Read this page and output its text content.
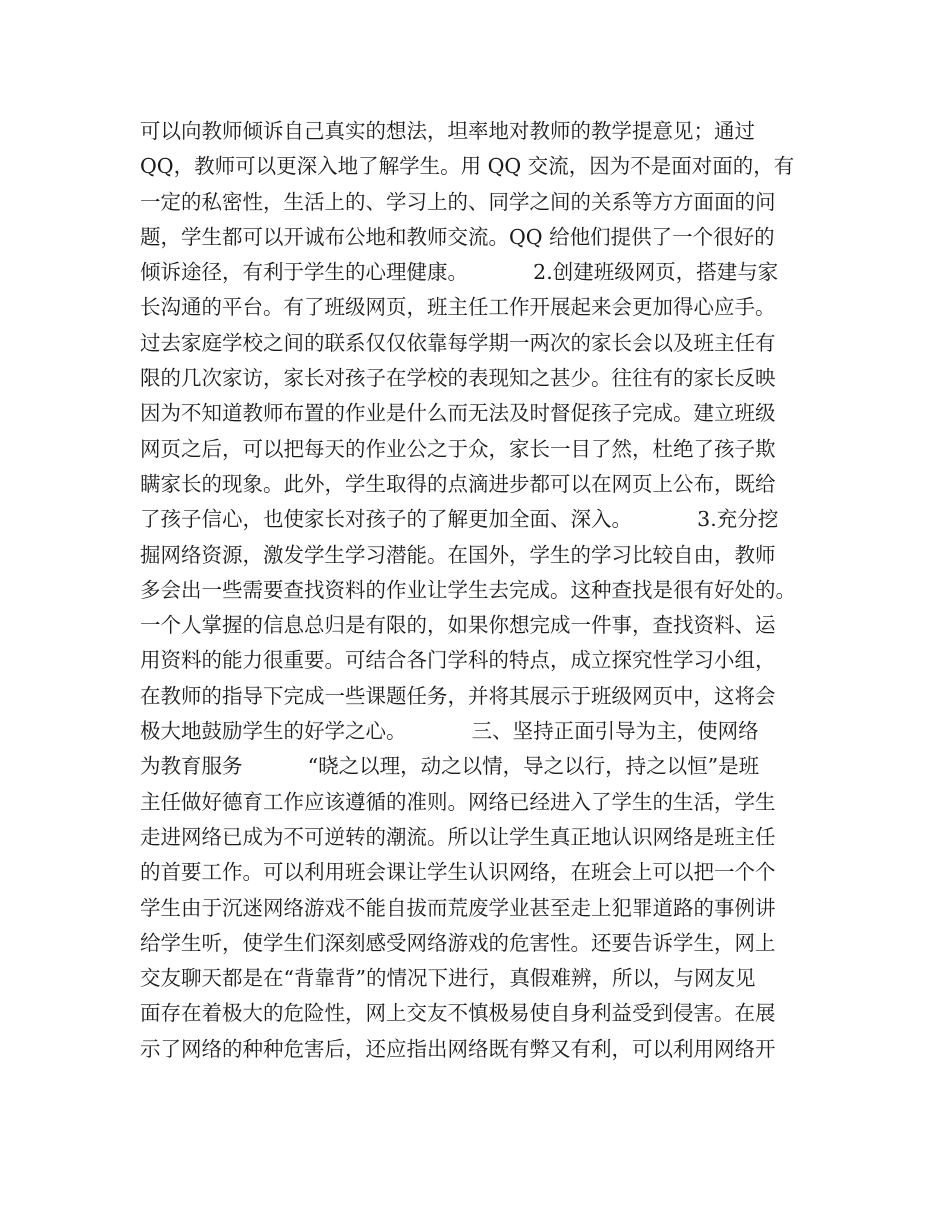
可以向教师倾诉自己真实的想法，坦率地对教师的教学提意见；通过
QQ，教师可以更深入地了解学生。用 QQ 交流，因为不是面对面的，有
一定的私密性，生活上的、学习上的、同学之间的关系等方方面面的问
题，学生都可以开诚布公地和教师交流。QQ 给他们提供了一个很好的
倾诉途径，有利于学生的心理健康。          2.创建班级网页，搭建与家
长沟通的平台。有了班级网页，班主任工作开展起来会更加得心应手。
过去家庭学校之间的联系仅仅依靠每学期一两次的家长会以及班主任有
限的几次家访，家长对孩子在学校的表现知之甚少。往往有的家长反映
因为不知道教师布置的作业是什么而无法及时督促孩子完成。建立班级
网页之后，可以把每天的作业公之于众，家长一目了然，杜绝了孩子欺
瞒家长的现象。此外，学生取得的点滴进步都可以在网页上公布，既给
了孩子信心，也使家长对孩子的了解更加全面、深入。          3.充分挖
掘网络资源，激发学生学习潜能。在国外，学生的学习比较自由，教师
多会出一些需要查找资料的作业让学生去完成。这种查找是很有好处的。
一个人掌握的信息总归是有限的，如果你想完成一件事，查找资料、运
用资料的能力很重要。可结合各门学科的特点，成立探究性学习小组，
在教师的指导下完成一些课题任务，并将其展示于班级网页中，这将会
极大地鼓励学生的好学之心。          三、坚持正面引导为主，使网络
为教育服务          “晓之以理，动之以情，导之以行，持之以恒”是班
主任做好德育工作应该遵循的准则。网络已经进入了学生的生活，学生
走进网络已成为不可逆转的潮流。所以让学生真正地认识网络是班主任
的首要工作。可以利用班会课让学生认识网络，在班会上可以把一个个
学生由于沉迷网络游戏不能自拔而荒废学业甚至走上犯罪道路的事例讲
给学生听，使学生们深刻感受网络游戏的危害性。还要告诉学生，网上
交友聊天都是在“背靠背”的情况下进行，真假难辨，所以，与网友见
面存在着极大的危险性，网上交友不慎极易使自身利益受到侵害。在展
示了网络的种种危害后，还应指出网络既有弊又有利，可以利用网络开
